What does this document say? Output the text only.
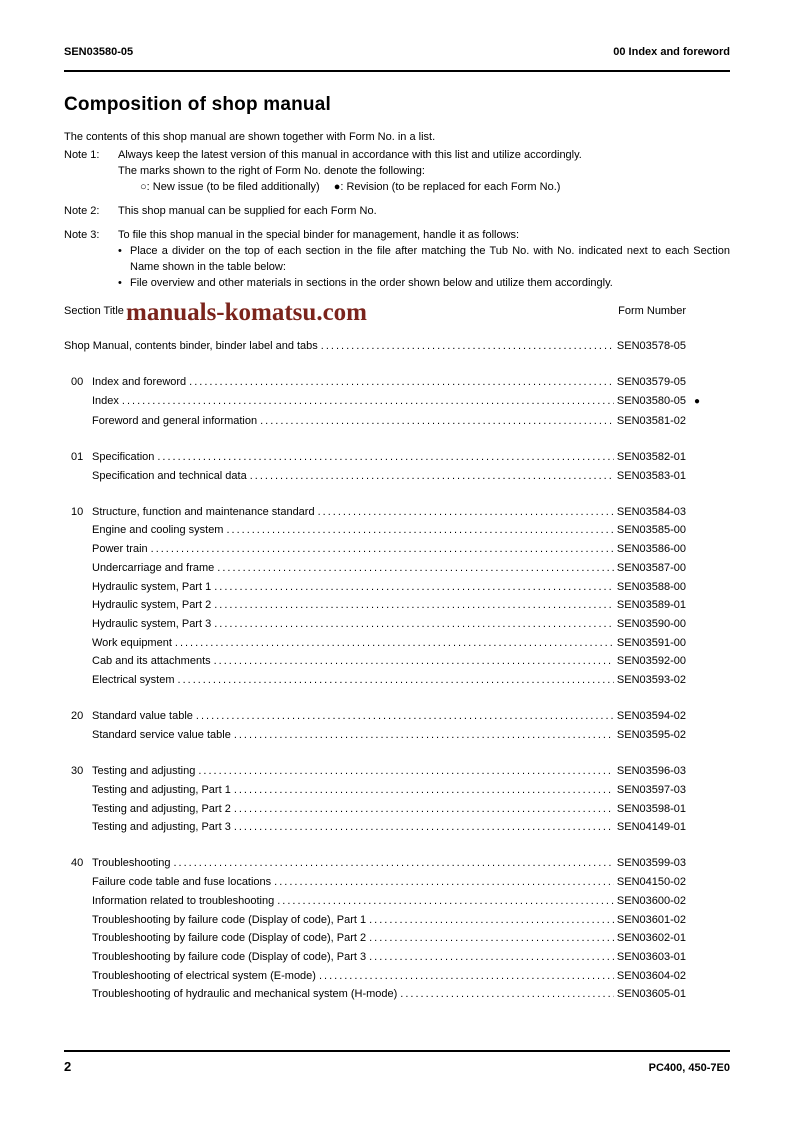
SEN03580-05	00 Index and foreword
Composition of shop manual

The contents of this shop manual are shown together with Form No. in a list.

Note 1:	Always keep the latest version of this manual in accordance with this list and utilize accordingly.
The marks shown to the right of Form No. denote the following:
○: New issue (to be filed additionally) ●: Revision (to be replaced for each Form No.)
Note 2:	This shop manual can be supplied for each Form No.
Note 3:	To file this shop manual in the special binder for management, handle it as follows:
• Place a divider on the top of each section in the file after matching the Tub No. with No. indicated next to each Section Name shown in the table below:
• File overview and other materials in sections in the order shown below and utilize them accordingly.
Section Title	Form Number
manuals-komatsu.com
Shop Manual, contents binder, binder label and tabs .....	SEN03578-05
00 Index and foreword .....	SEN03579-05
Index .....	SEN03580-05 ●
Foreword and general information .....	SEN03581-02
01 Specification .....	SEN03582-01
Specification and technical data .....	SEN03583-01
10 Structure, function and maintenance standard .....	SEN03584-03
Engine and cooling system .....	SEN03585-00
Power train .....	SEN03586-00
Undercarriage and frame .....	SEN03587-00
Hydraulic system, Part 1 .....	SEN03588-00
Hydraulic system, Part 2 .....	SEN03589-01
Hydraulic system, Part 3 .....	SEN03590-00
Work equipment .....	SEN03591-00
Cab and its attachments .....	SEN03592-00
Electrical system .....	SEN03593-02
20 Standard value table .....	SEN03594-02
Standard service value table .....	SEN03595-02
30 Testing and adjusting .....	SEN03596-03
Testing and adjusting, Part 1 .....	SEN03597-03
Testing and adjusting, Part 2 .....	SEN03598-01
Testing and adjusting, Part 3 .....	SEN04149-01
40 Troubleshooting .....	SEN03599-03
Failure code table and fuse locations .....	SEN04150-02
Information related to troubleshooting .....	SEN03600-02
Troubleshooting by failure code (Display of code), Part 1 .....	SEN03601-02
Troubleshooting by failure code (Display of code), Part 2 .....	SEN03602-01
Troubleshooting by failure code (Display of code), Part 3 .....	SEN03603-01
Troubleshooting of electrical system (E-mode) .....	SEN03604-02
Troubleshooting of hydraulic and mechanical system (H-mode) .....	SEN03605-01
2	PC400, 450-7E0
